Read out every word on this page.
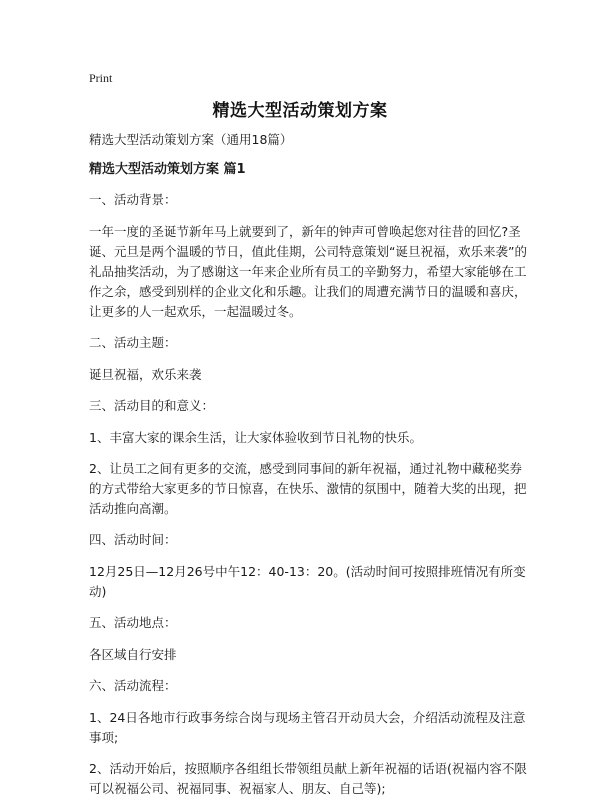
Print
精选大型活动策划方案

精选大型活动策划方案（通用18篇）

精选大型活动策划方案 篇1

一、活动背景：

一年一度的圣诞节新年马上就要到了，新年的钟声可曾唤起您对往昔的回忆?圣诞、元旦是两个温暖的节日，值此佳期，公司特意策划“诞旦祝福，欢乐来袭”的礼品抽奖活动，为了感谢这一年来企业所有员工的辛勤努力，希望大家能够在工作之余，感受到别样的企业文化和乐趣。让我们的周遭充满节日的温暖和喜庆，让更多的人一起欢乐，一起温暖过冬。

二、活动主题：

诞旦祝福，欢乐来袭

三、活动目的和意义：

1、丰富大家的课余生活，让大家体验收到节日礼物的快乐。

2、让员工之间有更多的交流，感受到同事间的新年祝福，通过礼物中藏秘奖券的方式带给大家更多的节日惊喜，在快乐、激情的氛围中，随着大奖的出现，把活动推向高潮。

四、活动时间：

12月25日—12月26号中午12：40-13：20。(活动时间可按照排班情况有所变动)

五、活动地点：

各区域自行安排

六、活动流程：

1、24日各地市行政事务综合岗与现场主管召开动员大会，介绍活动流程及注意事项;

2、活动开始后，按照顺序各组组长带领组员献上新年祝福的话语(祝福内容不限可以祝福公司、祝福同事、祝福家人、朋友、自己等);
